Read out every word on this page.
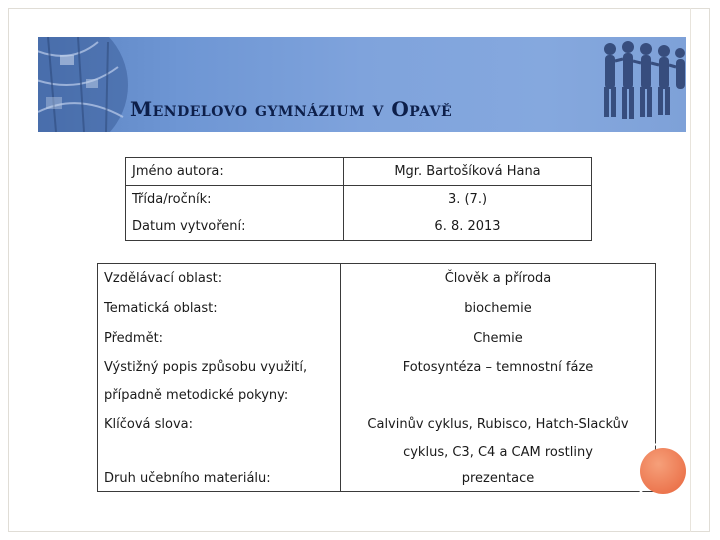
Mendelovo gymnázium v Opavě
Jméno autora:	Mgr. Bartošíková Hana
Třída/ročník:	3. (7.)
Datum vytvoření:	6. 8. 2013
Vzdělávací oblast:	Člověk a příroda
Tematická oblast:	biochemie
Předmět:	Chemie
Výstižný popis způsobu využití,	Fotosyntéza – temnostní fáze
případně metodické pokyny:	
Klíčová slova:	Calvinův cyklus, Rubisco, Hatch-Slackův
	cyklus, C3, C4 a CAM rostliny
Druh učebního materiálu:	prezentace
